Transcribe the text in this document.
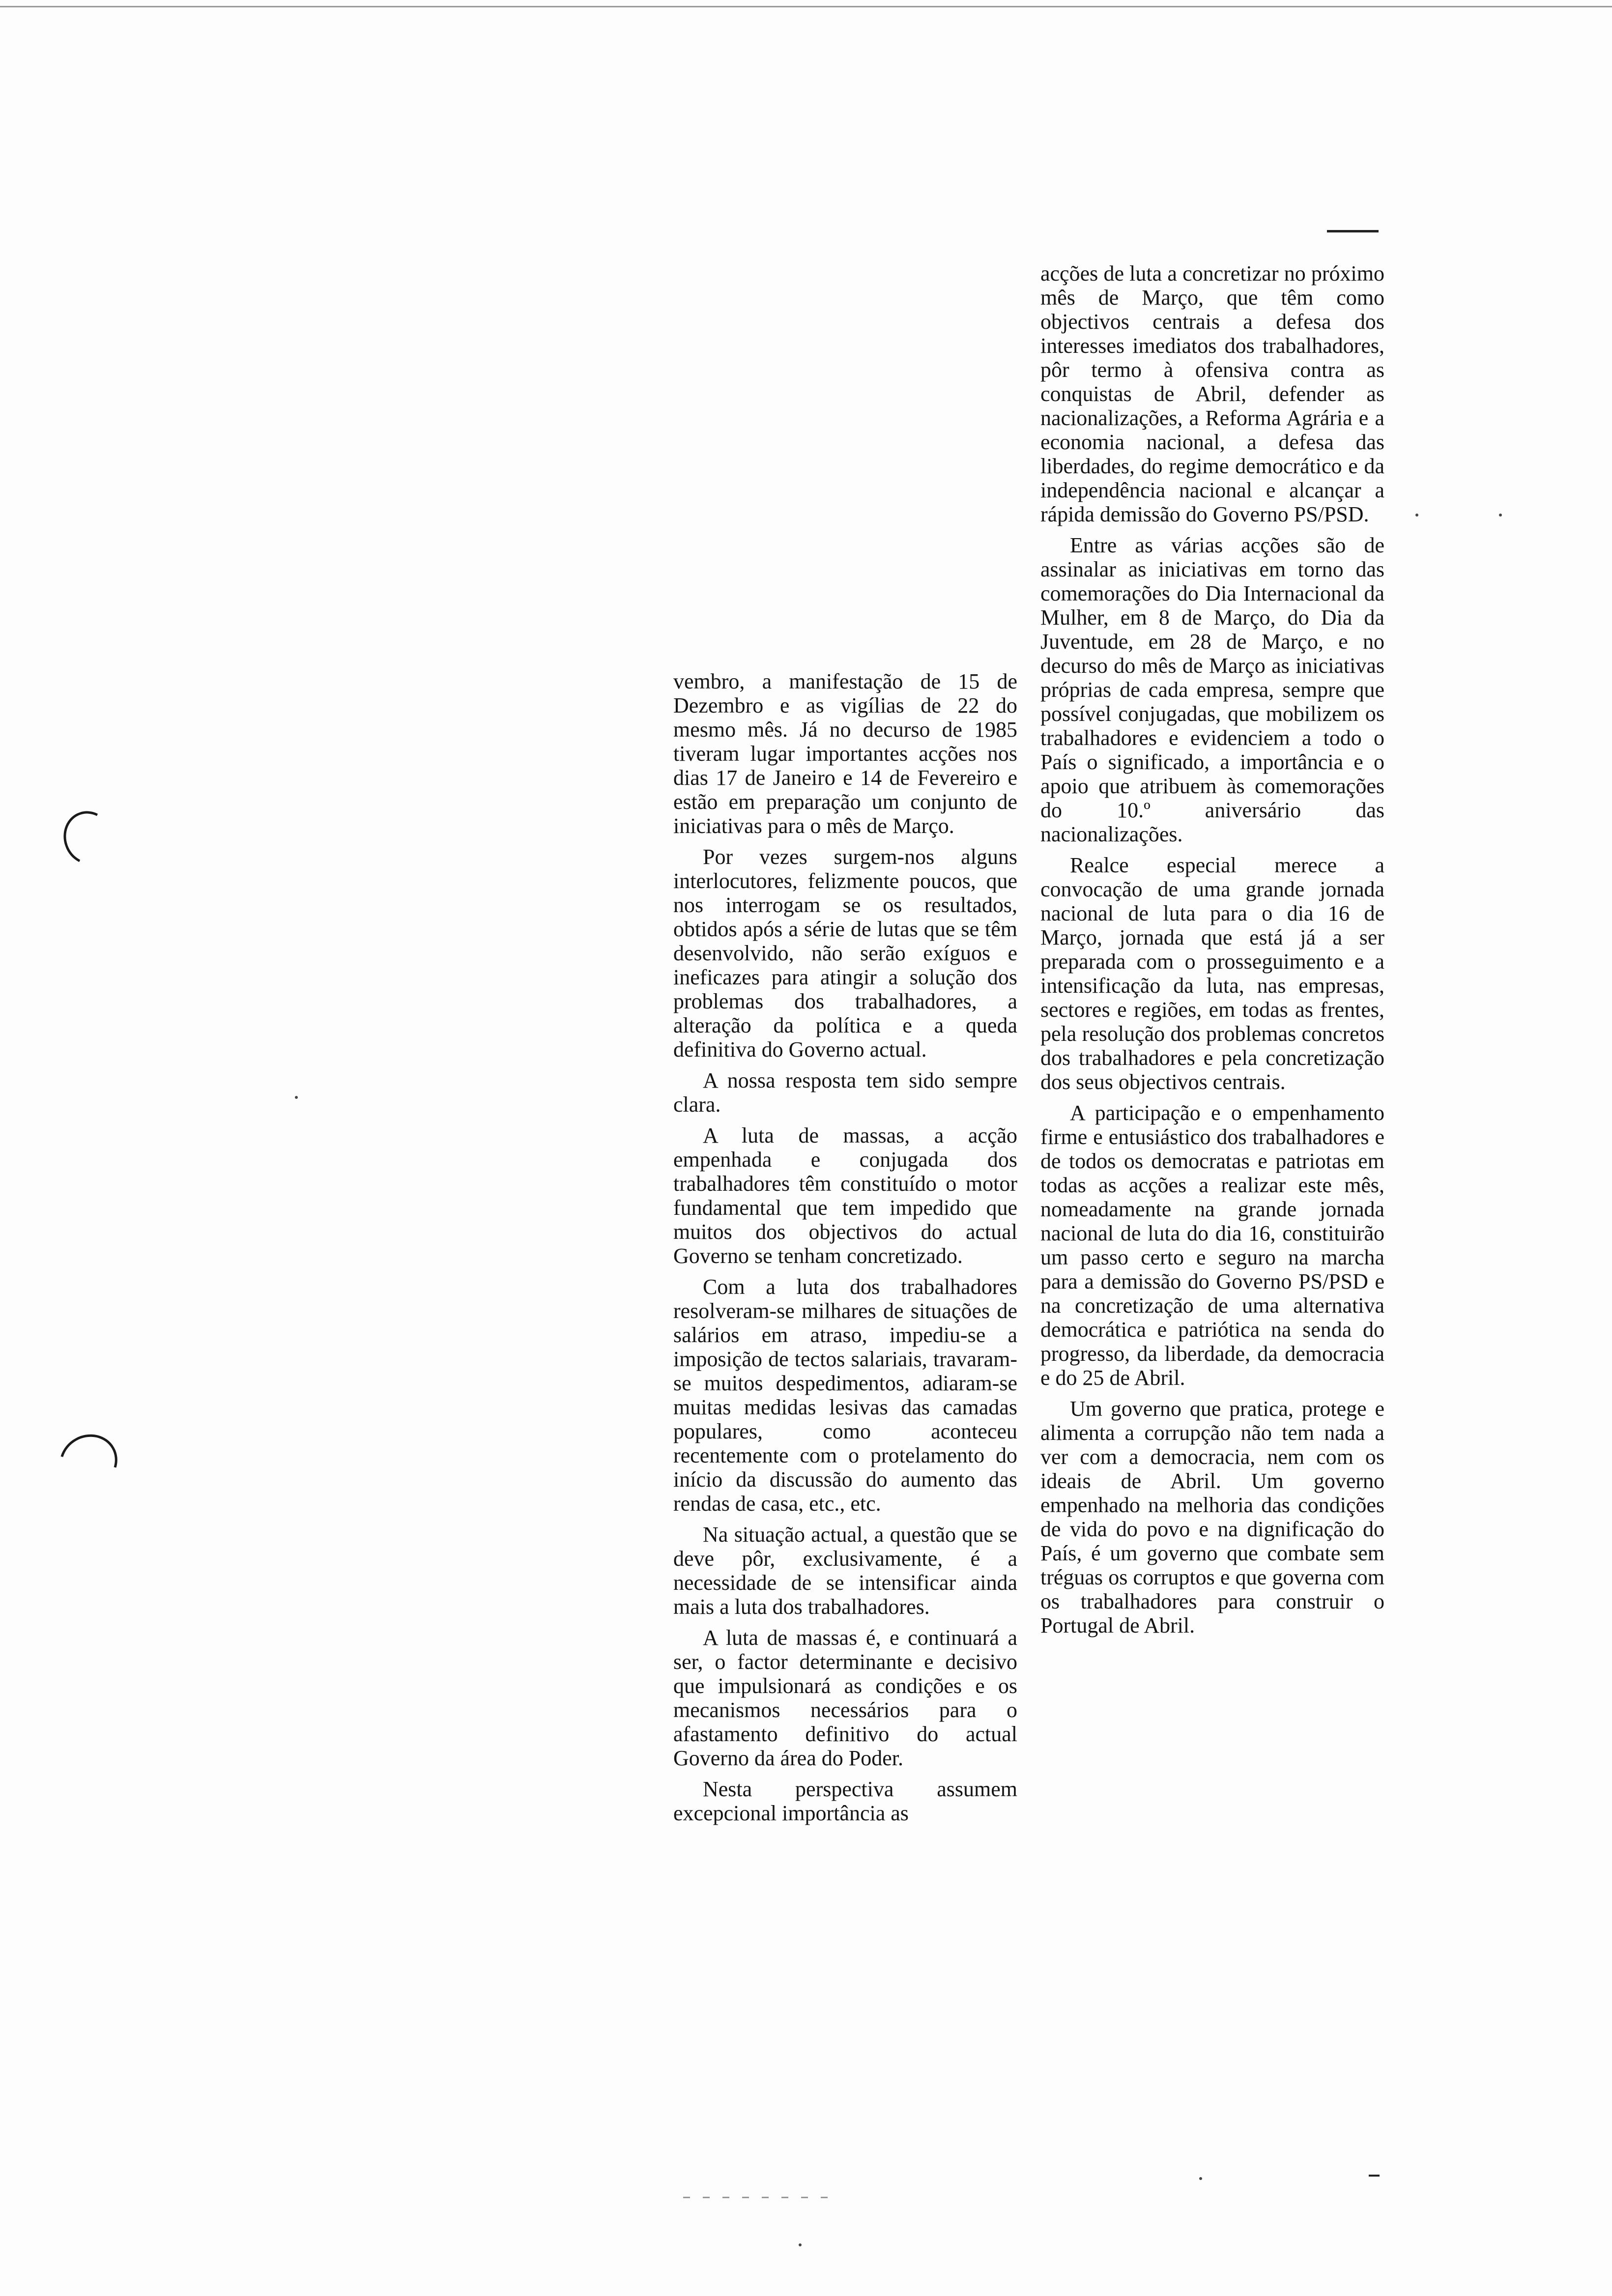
vembro, a manifestação de 15 de Dezembro e as vigílias de 22 do mesmo mês. Já no decurso de 1985 tiveram lugar importantes acções nos dias 17 de Janeiro e 14 de Fevereiro e estão em preparação um conjunto de iniciativas para o mês de Março.

Por vezes surgem-nos alguns interlocutores, felizmente poucos, que nos interrogam se os resultados, obtidos após a série de lutas que se têm desenvolvido, não serão exíguos e ineficazes para atingir a solução dos problemas dos trabalhadores, a alteração da política e a queda definitiva do Governo actual.

A nossa resposta tem sido sempre clara.

A luta de massas, a acção empenhada e conjugada dos trabalhadores têm constituído o motor fundamental que tem impedido que muitos dos objectivos do actual Governo se tenham concretizado.

Com a luta dos trabalhadores resolveram-se milhares de situações de salários em atraso, impediu-se a imposição de tectos salariais, travaram-se muitos despedimentos, adiaram-se muitas medidas lesivas das camadas populares, como aconteceu recentemente com o protelamento do início da discussão do aumento das rendas de casa, etc., etc.

Na situação actual, a questão que se deve pôr, exclusivamente, é a necessidade de se intensificar ainda mais a luta dos trabalhadores.

A luta de massas é, e continuará a ser, o factor determinante e decisivo que impulsionará as condições e os mecanismos necessários para o afastamento definitivo do actual Governo da área do Poder.

Nesta perspectiva assumem excepcional importância as

acções de luta a concretizar no próximo mês de Março, que têm como objectivos centrais a defesa dos interesses imediatos dos trabalhadores, pôr termo à ofensiva contra as conquistas de Abril, defender as nacionalizações, a Reforma Agrária e a economia nacional, a defesa das liberdades, do regime democrático e da independência nacional e alcançar a rápida demissão do Governo PS/PSD.

Entre as várias acções são de assinalar as iniciativas em torno das comemorações do Dia Internacional da Mulher, em 8 de Março, do Dia da Juventude, em 28 de Março, e no decurso do mês de Março as iniciativas próprias de cada empresa, sempre que possível conjugadas, que mobilizem os trabalhadores e evidenciem a todo o País o significado, a importância e o apoio que atribuem às comemorações do 10.º aniversário das nacionalizações.

Realce especial merece a convocação de uma grande jornada nacional de luta para o dia 16 de Março, jornada que está já a ser preparada com o prosseguimento e a intensificação da luta, nas empresas, sectores e regiões, em todas as frentes, pela resolução dos problemas concretos dos trabalhadores e pela concretização dos seus objectivos centrais.

A participação e o empenhamento firme e entusiástico dos trabalhadores e de todos os democratas e patriotas em todas as acções a realizar este mês, nomeadamente na grande jornada nacional de luta do dia 16, constituirão um passo certo e seguro na marcha para a demissão do Governo PS/PSD e na concretização de uma alternativa democrática e patriótica na senda do progresso, da liberdade, da democracia e do 25 de Abril.

Um governo que pratica, protege e alimenta a corrupção não tem nada a ver com a democracia, nem com os ideais de Abril. Um governo empenhado na melhoria das condições de vida do povo e na dignificação do País, é um governo que combate sem tréguas os corruptos e que governa com os trabalhadores para construir o Portugal de Abril.
